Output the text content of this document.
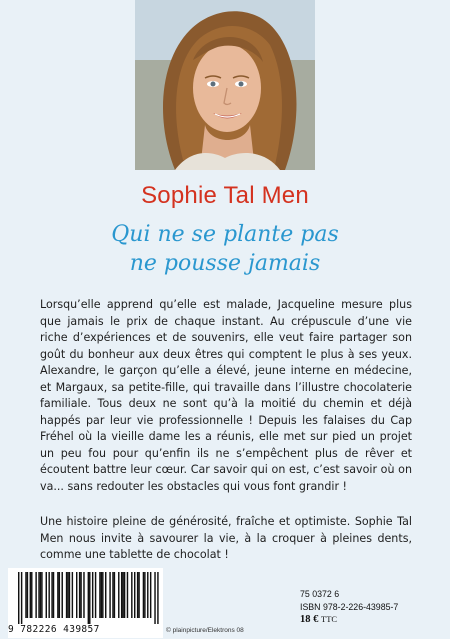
Sophie Tal Men
Qui ne se plante pas
ne pousse jamais

Lorsqu’elle apprend qu’elle est malade, Jacqueline mesure plus que jamais le prix de chaque instant. Au crépuscule d’une vie riche d’expériences et de souvenirs, elle veut faire partager son goût du bonheur aux deux êtres qui comptent le plus à ses yeux. Alexandre, le garçon qu’elle a élevé, jeune interne en médecine, et Margaux, sa petite-fille, qui travaille dans l’illustre chocolaterie familiale. Tous deux ne sont qu’à la moitié du chemin et déjà happés par leur vie professionnelle ! Depuis les falaises du Cap Fréhel où la vieille dame les a réunis, elle met sur pied un projet un peu fou pour qu’enfin ils ne s’empêchent plus de rêver et écoutent battre leur cœur. Car savoir qui on est, c’est savoir où on va... sans redouter les obstacles qui vous font grandir !

Une histoire pleine de générosité, fraîche et optimiste. Sophie Tal Men nous invite à savourer la vie, à la croquer à pleines dents, comme une tablette de chocolat !

9 782226 439857	© plainpicture/Elektrons 08
75 0372 6
ISBN 978-2-226-43985-7
18 € TTC
